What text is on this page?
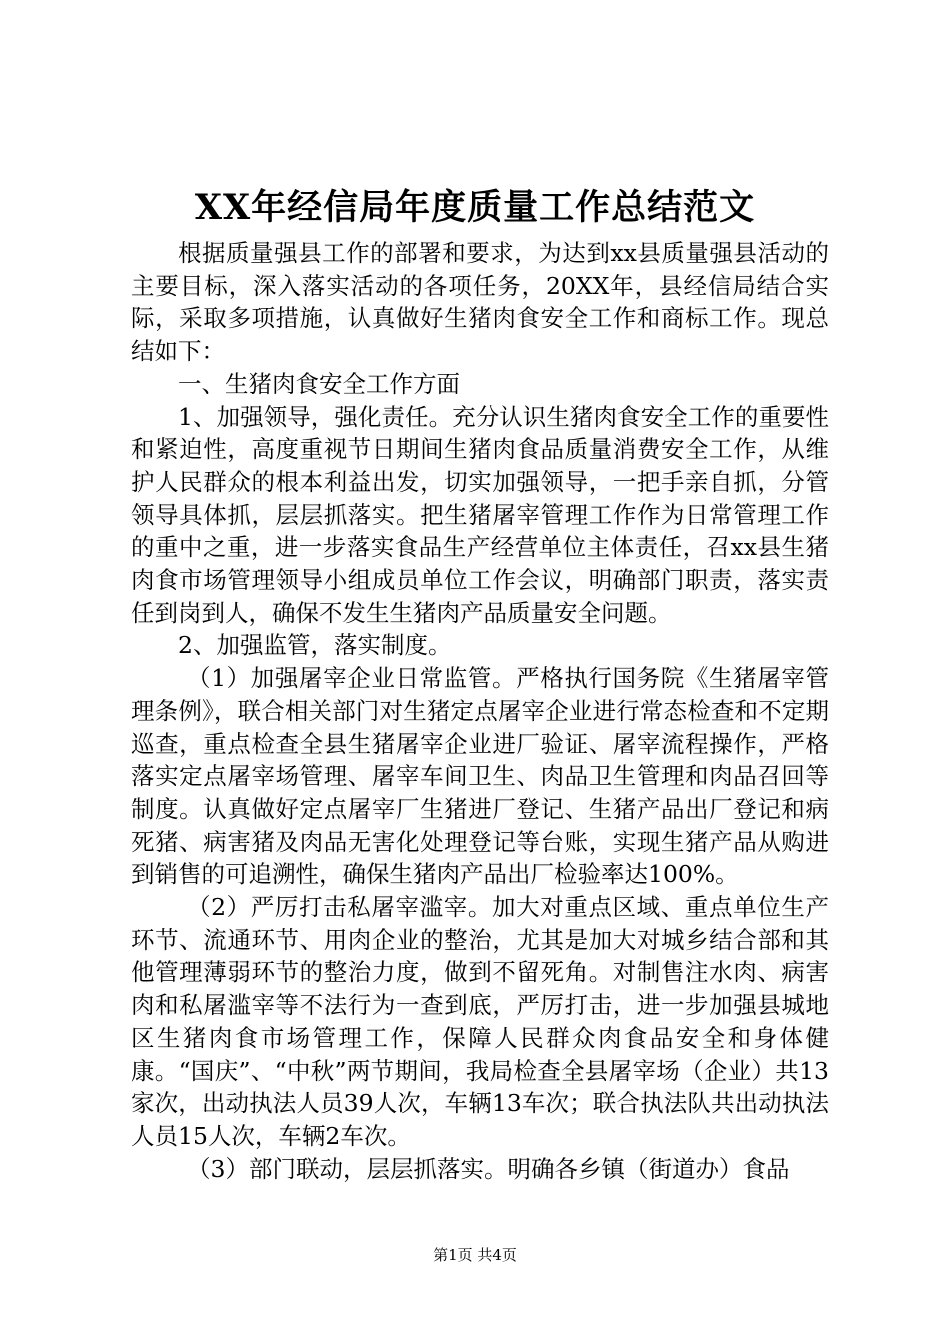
XX年经信局年度质量工作总结范文

根据质量强县工作的部署和要求，为达到xx县质量强县活动的主要目标，深入落实活动的各项任务，20XX年，县经信局结合实际，采取多项措施，认真做好生猪肉食安全工作和商标工作。现总结如下：

一、生猪肉食安全工作方面

1、加强领导，强化责任。充分认识生猪肉食安全工作的重要性和紧迫性，高度重视节日期间生猪肉食品质量消费安全工作，从维护人民群众的根本利益出发，切实加强领导，一把手亲自抓，分管领导具体抓，层层抓落实。把生猪屠宰管理工作作为日常管理工作的重中之重，进一步落实食品生产经营单位主体责任，召xx县生猪肉食市场管理领导小组成员单位工作会议，明确部门职责，落实责任到岗到人，确保不发生生猪肉产品质量安全问题。

2、加强监管，落实制度。

（1）加强屠宰企业日常监管。严格执行国务院《生猪屠宰管理条例》，联合相关部门对生猪定点屠宰企业进行常态检查和不定期巡查，重点检查全县生猪屠宰企业进厂验证、屠宰流程操作，严格落实定点屠宰场管理、屠宰车间卫生、肉品卫生管理和肉品召回等制度。认真做好定点屠宰厂生猪进厂登记、生猪产品出厂登记和病死猪、病害猪及肉品无害化处理登记等台账，实现生猪产品从购进到销售的可追溯性，确保生猪肉产品出厂检验率达100%。

（2）严厉打击私屠宰滥宰。加大对重点区域、重点单位生产环节、流通环节、用肉企业的整治，尤其是加大对城乡结合部和其他管理薄弱环节的整治力度，做到不留死角。对制售注水肉、病害肉和私屠滥宰等不法行为一查到底，严厉打击，进一步加强县城地区生猪肉食市场管理工作，保障人民群众肉食品安全和身体健康。“国庆”、“中秋”两节期间，我局检查全县屠宰场（企业）共13家次，出动执法人员39人次，车辆13车次；联合执法队共出动执法人员15人次，车辆2车次。

（3）部门联动，层层抓落实。明确各乡镇（街道办）食品

第1页 共4页
